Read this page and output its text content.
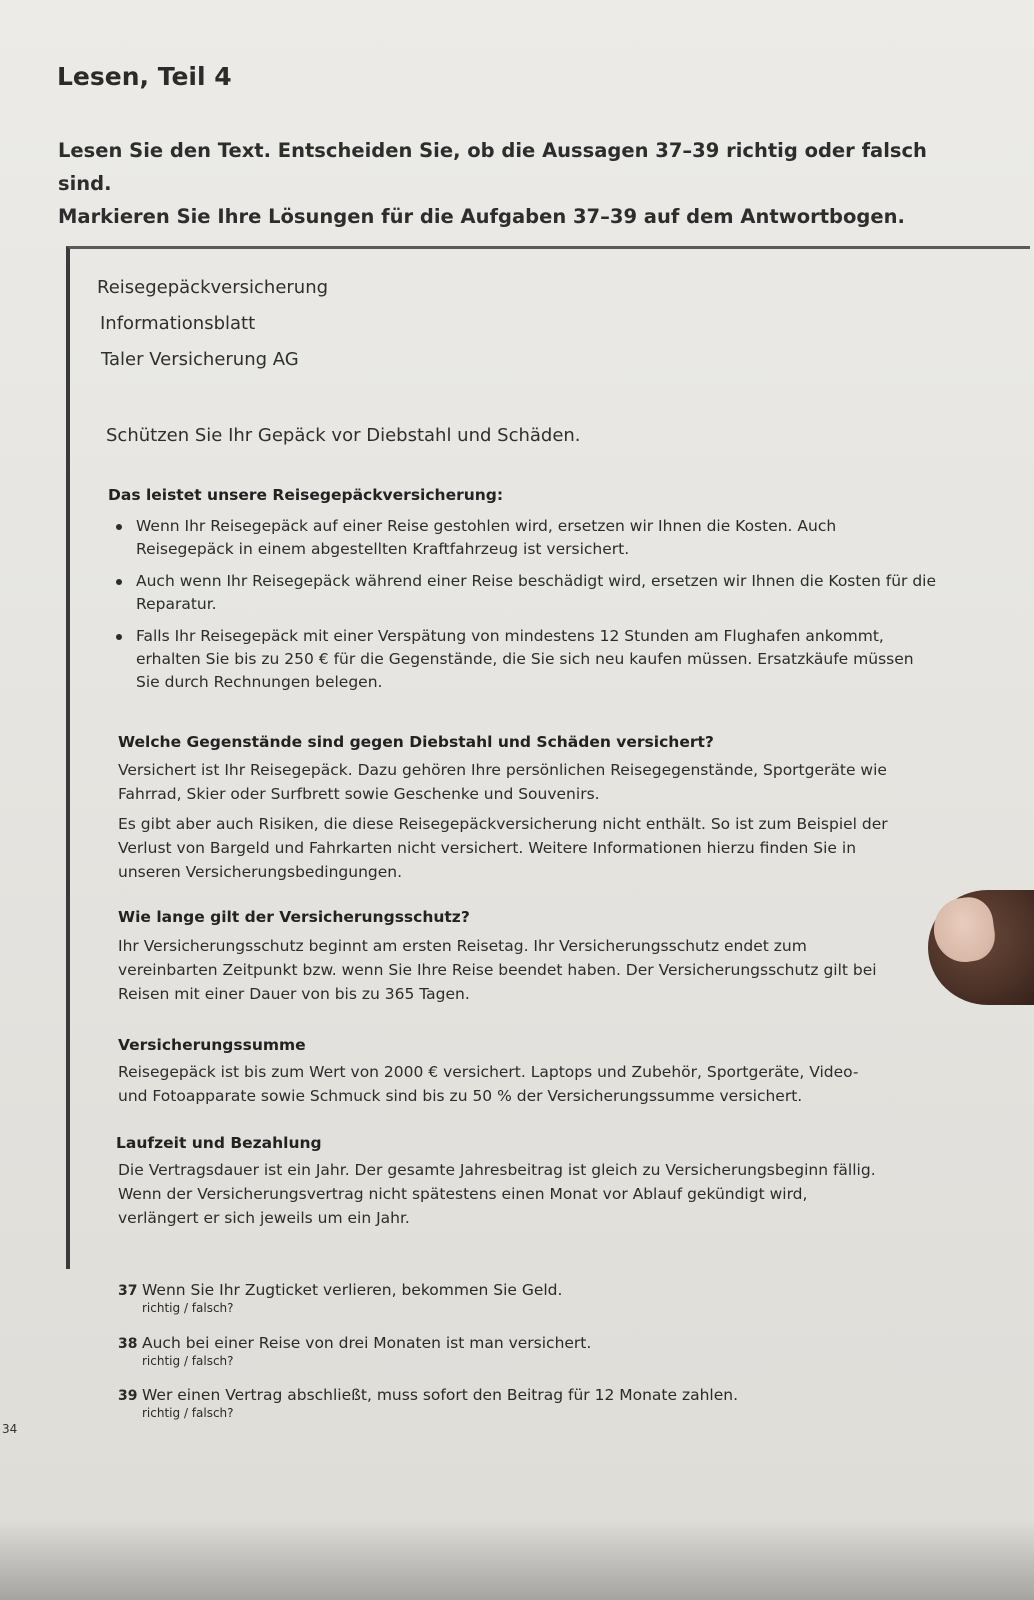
Lesen, Teil 4
Lesen Sie den Text. Entscheiden Sie, ob die Aussagen 37–39 richtig oder falsch sind.
Markieren Sie Ihre Lösungen für die Aufgaben 37–39 auf dem Antwortbogen.
Reisegepäckversicherung
Informationsblatt
Taler Versicherung AG
Schützen Sie Ihr Gepäck vor Diebstahl und Schäden.
Das leistet unsere Reisegepäckversicherung:
Wenn Ihr Reisegepäck auf einer Reise gestohlen wird, ersetzen wir Ihnen die Kosten. Auch Reisegepäck in einem abgestellten Kraftfahrzeug ist versichert.
Auch wenn Ihr Reisegepäck während einer Reise beschädigt wird, ersetzen wir Ihnen die Kosten für die Reparatur.
Falls Ihr Reisegepäck mit einer Verspätung von mindestens 12 Stunden am Flughafen ankommt, erhalten Sie bis zu 250 € für die Gegenstände, die Sie sich neu kaufen müssen. Ersatzkäufe müssen Sie durch Rechnungen belegen.
Welche Gegenstände sind gegen Diebstahl und Schäden versichert?

Versichert ist Ihr Reisegepäck. Dazu gehören Ihre persönlichen Reisegegenstände, Sportgeräte wie Fahrrad, Skier oder Surfbrett sowie Geschenke und Souvenirs.

Es gibt aber auch Risiken, die diese Reisegepäckversicherung nicht enthält. So ist zum Beispiel der Verlust von Bargeld und Fahrkarten nicht versichert. Weitere Informationen hierzu finden Sie in unseren Versicherungsbedingungen.

Wie lange gilt der Versicherungsschutz?

Ihr Versicherungsschutz beginnt am ersten Reisetag. Ihr Versicherungsschutz endet zum vereinbarten Zeitpunkt bzw. wenn Sie Ihre Reise beendet haben. Der Versicherungsschutz gilt bei Reisen mit einer Dauer von bis zu 365 Tagen.

Versicherungssumme

Reisegepäck ist bis zum Wert von 2000 € versichert. Laptops und Zubehör, Sportgeräte, Video- und Fotoapparate sowie Schmuck sind bis zu 50 % der Versicherungssumme versichert.

Laufzeit und Bezahlung

Die Vertragsdauer ist ein Jahr. Der gesamte Jahresbeitrag ist gleich zu Versicherungsbeginn fällig. Wenn der Versicherungsvertrag nicht spätestens einen Monat vor Ablauf gekündigt wird, verlängert er sich jeweils um ein Jahr.

37 Wenn Sie Ihr Zugticket verlieren, bekommen Sie Geld.
richtig / falsch?
38 Auch bei einer Reise von drei Monaten ist man versichert.
richtig / falsch?
39 Wer einen Vertrag abschließt, muss sofort den Beitrag für 12 Monate zahlen.
richtig / falsch?
34
